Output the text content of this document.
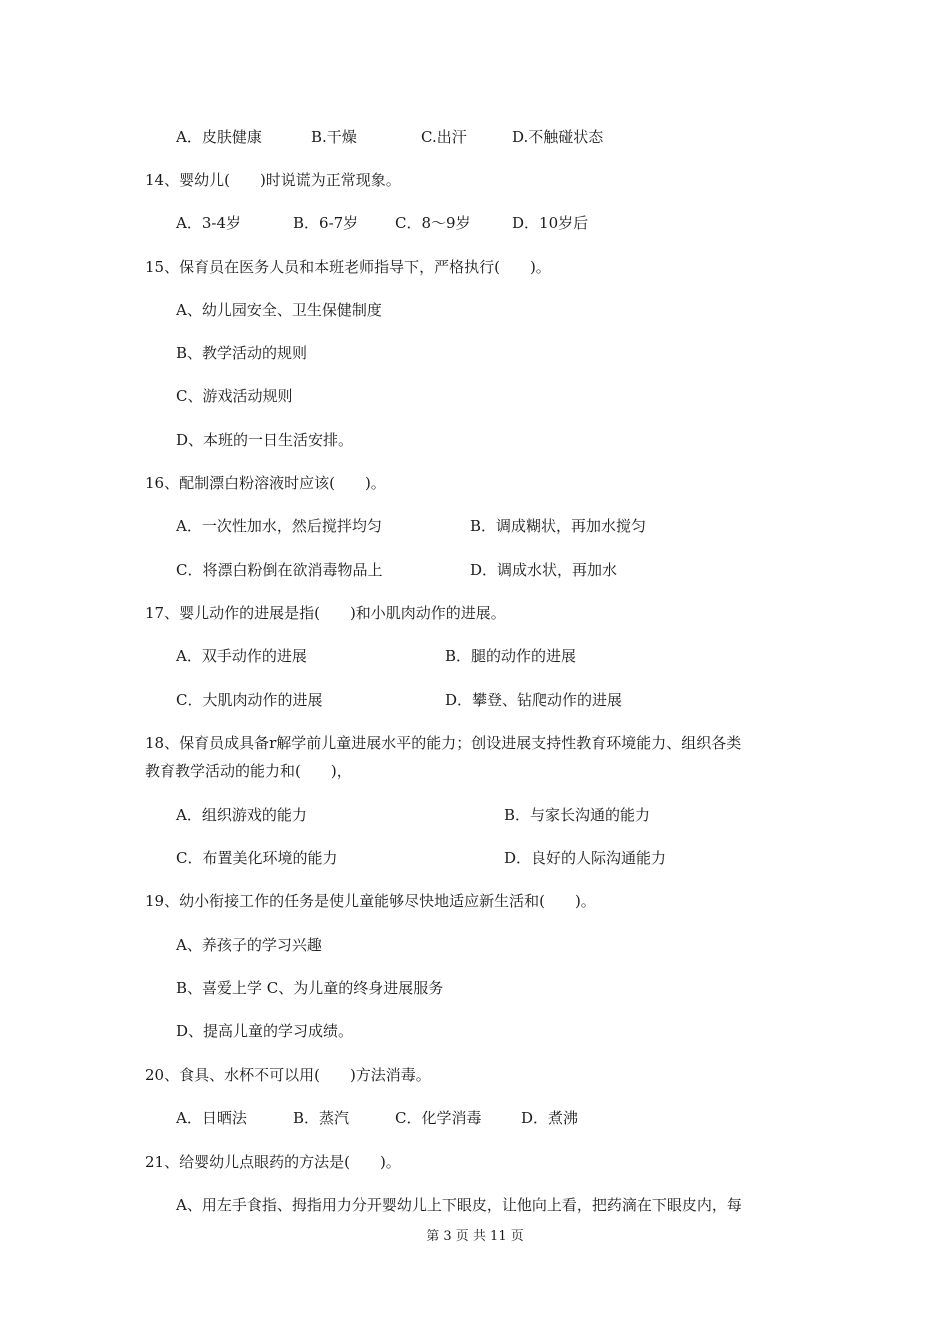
A．皮肤健康	B.干燥	C.出汗	D.不触碰状态
14、婴幼儿(　　)时说谎为正常现象。
A．3-4岁	B．6-7岁 C．8～9岁	D．10岁后
15、保育员在医务人员和本班老师指导下，严格执行(　　)。
A、幼儿园安全、卫生保健制度
B、教学活动的规则
C、游戏活动规则
D、本班的一日生活安排。
16、配制漂白粉溶液时应该(　　)。
A．一次性加水，然后搅拌均匀	B．调成糊状，再加水搅匀
C．将漂白粉倒在欲消毒物品上	D．调成水状，再加水
17、婴儿动作的进展是指(　　)和小肌肉动作的进展。
A．双手动作的进展	B．腿的动作的进展
C．大肌肉动作的进展	D．攀登、钻爬动作的进展
18、保育员成具备r解学前儿童进展水平的能力；创设进展支持性教育环境能力、组织各类
教育教学活动的能力和(　　)，
A．组织游戏的能力	B．与家长沟通的能力
C．布置美化环境的能力	D．良好的人际沟通能力
19、幼小衔接工作的任务是使儿童能够尽快地适应新生活和(　　)。
A、养孩子的学习兴趣
B、喜爱上学 C、为儿童的终身进展服务
D、提高儿童的学习成绩。
20、食具、水杯不可以用(　　)方法消毒。
A．日晒法	B．蒸汽	C．化学消毒	D．煮沸
21、给婴幼儿点眼药的方法是(　　)。
A、用左手食指、拇指用力分开婴幼儿上下眼皮，让他向上看，把药滴在下眼皮内，每
第 3 页 共 11 页
